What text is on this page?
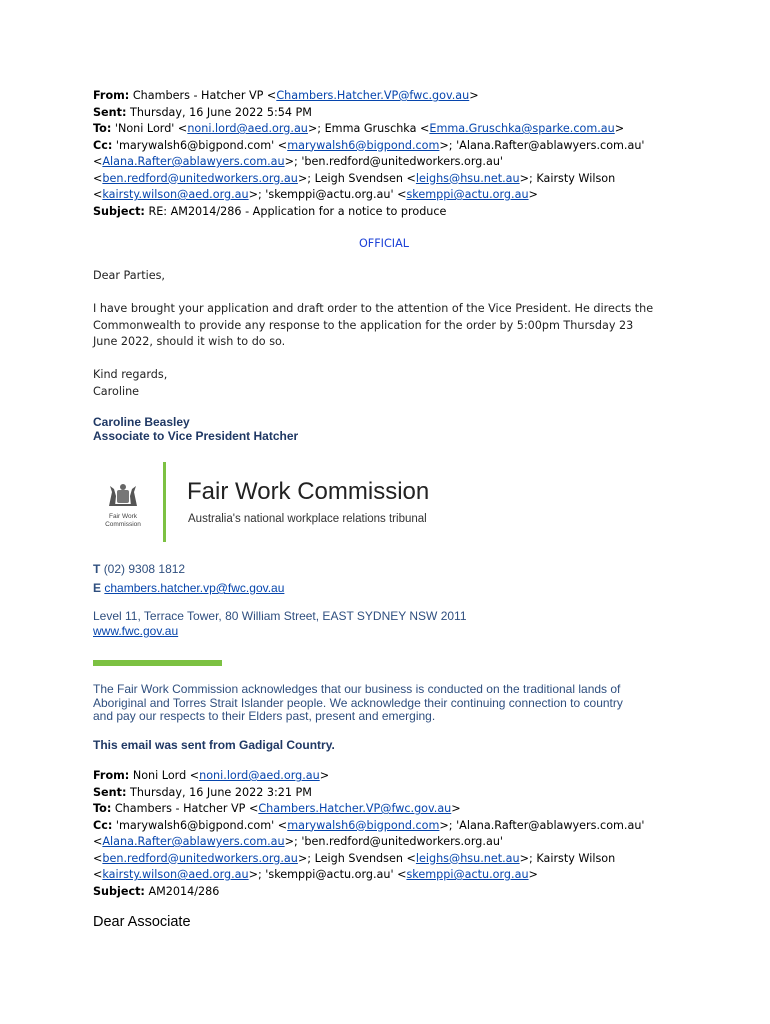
From: Chambers - Hatcher VP <Chambers.Hatcher.VP@fwc.gov.au>
Sent: Thursday, 16 June 2022 5:54 PM
To: 'Noni Lord' <noni.lord@aed.org.au>; Emma Gruschka <Emma.Gruschka@sparke.com.au>
Cc: 'marywalsh6@bigpond.com' <marywalsh6@bigpond.com>; 'Alana.Rafter@ablawyers.com.au'
<Alana.Rafter@ablawyers.com.au>; 'ben.redford@unitedworkers.org.au'
<ben.redford@unitedworkers.org.au>; Leigh Svendsen <leighs@hsu.net.au>; Kairsty Wilson
<kairsty.wilson@aed.org.au>; 'skemppi@actu.org.au' <skemppi@actu.org.au>
Subject: RE: AM2014/286 - Application for a notice to produce
OFFICIAL
Dear Parties,
I have brought your application and draft order to the attention of the Vice President. He directs the
Commonwealth to provide any response to the application for the order by 5:00pm Thursday 23
June 2022, should it wish to do so.
Kind regards,
Caroline
Caroline Beasley
Associate to Vice President Hatcher
Fair Work
Commission
Fair Work Commission
Australia's national workplace relations tribunal
T (02) 9308 1812
E chambers.hatcher.vp@fwc.gov.au
Level 11, Terrace Tower, 80 William Street, EAST SYDNEY NSW 2011
www.fwc.gov.au
The Fair Work Commission acknowledges that our business is conducted on the traditional lands of
Aboriginal and Torres Strait Islander people. We acknowledge their continuing connection to country
and pay our respects to their Elders past, present and emerging.
This email was sent from Gadigal Country.
From: Noni Lord <noni.lord@aed.org.au>
Sent: Thursday, 16 June 2022 3:21 PM
To: Chambers - Hatcher VP <Chambers.Hatcher.VP@fwc.gov.au>
Cc: 'marywalsh6@bigpond.com' <marywalsh6@bigpond.com>; 'Alana.Rafter@ablawyers.com.au'
<Alana.Rafter@ablawyers.com.au>; 'ben.redford@unitedworkers.org.au'
<ben.redford@unitedworkers.org.au>; Leigh Svendsen <leighs@hsu.net.au>; Kairsty Wilson
<kairsty.wilson@aed.org.au>; 'skemppi@actu.org.au' <skemppi@actu.org.au>
Subject: AM2014/286
Dear Associate
